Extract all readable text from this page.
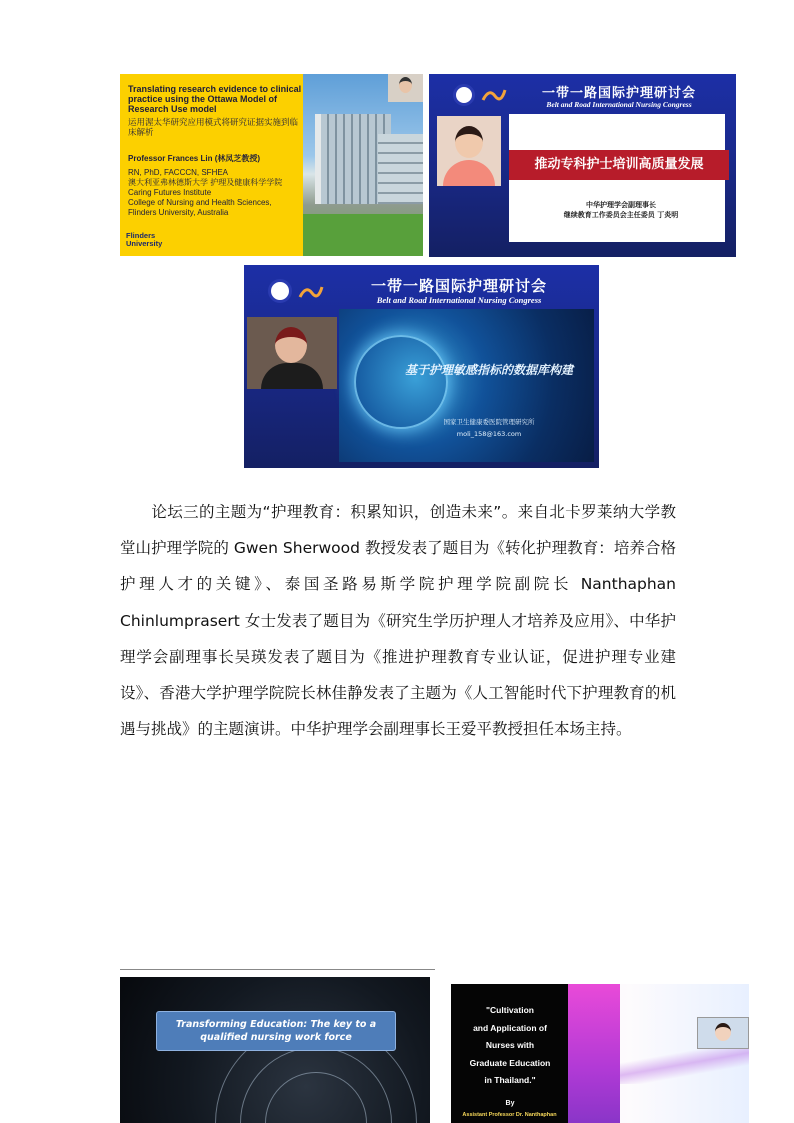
Translating research evidence to clinical practice using the Ottawa Model of Research Use model
运用渥太华研究应用模式将研究证据实施到临床解析
Professor Frances Lin (林凤芝教授)
RN, PhD, FACCCN, SFHEA
澳大利亚弗林德斯大学 护理及健康科学学院
Caring Futures Institute
College of Nursing and Health Sciences,
Flinders University, Australia
Flinders University
一带一路国际护理研讨会
Belt and Road International Nursing Congress
推动专科护士培训高质量发展
中华护理学会副理事长
继续教育工作委员会主任委员 丁炎明
一带一路国际护理研讨会
Belt and Road International Nursing Congress
基于护理敏感指标的数据库构建
国家卫生健康委医院管理研究所
moli_158@163.com
论坛三的主题为“护理教育：积累知识，创造未来”。来自北卡罗莱纳大学教堂山护理学院的 Gwen Sherwood 教授发表了题目为《转化护理教育：培养合格护理人才的关键》、泰国圣路易斯学院护理学院副院长 Nanthaphan Chinlumprasert 女士发表了题目为《研究生学历护理人才培养及应用》、中华护理学会副理事长吴瑛发表了题目为《推进护理教育专业认证，促进护理专业建设》、香港大学护理学院院长林佳静发表了主题为《人工智能时代下护理教育的机遇与挑战》的主题演讲。中华护理学会副理事长王爱平教授担任本场主持。
Transforming Education: The key to a qualified nursing work force
"Cultivation
and Application of
Nurses with
Graduate Education
in Thailand."
By
Assistant Professor Dr. Nanthaphan
